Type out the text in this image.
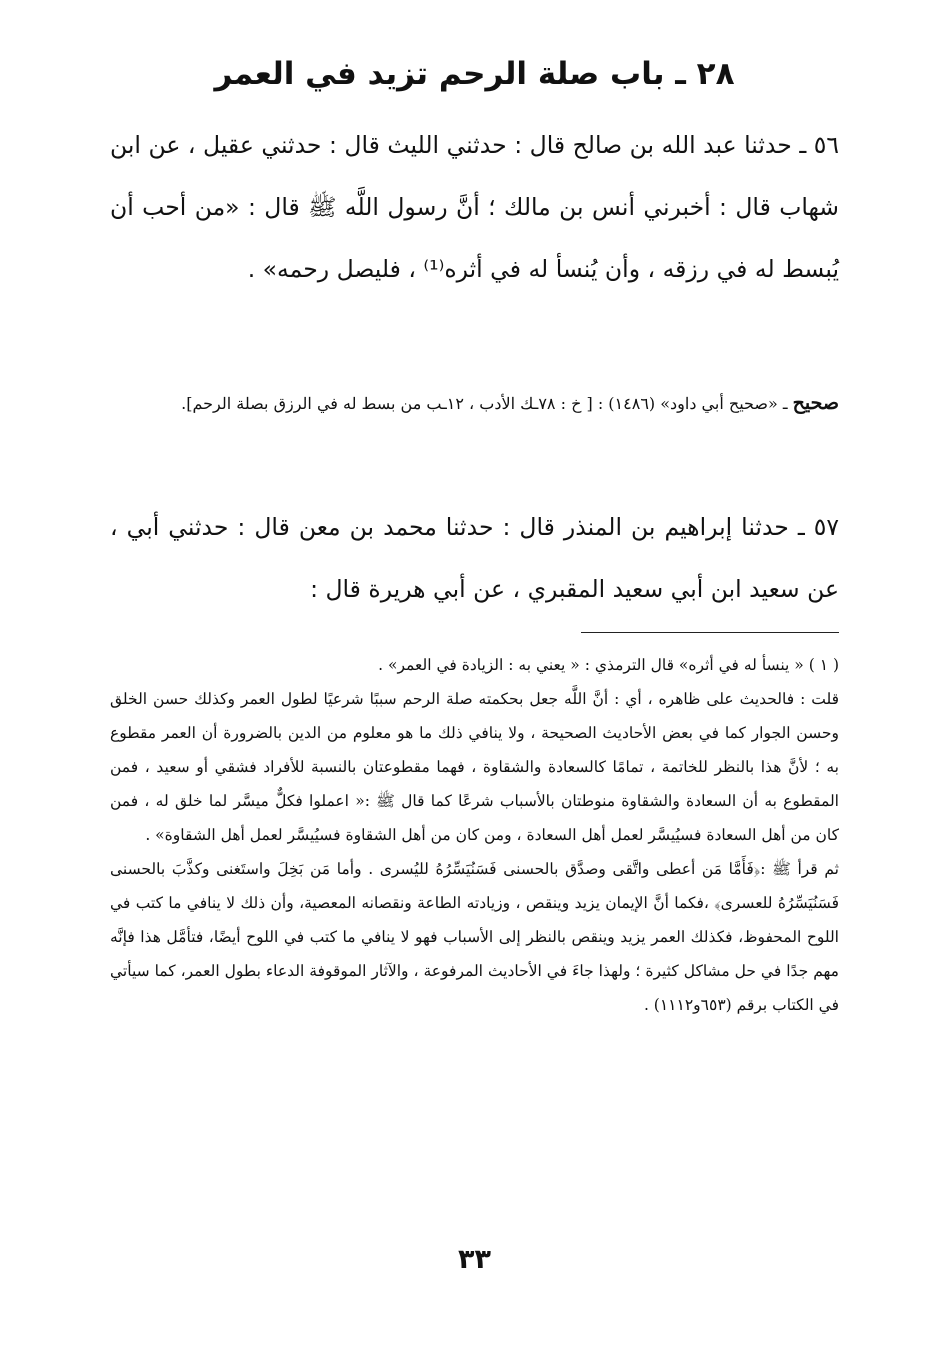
٢٨ ـ باب صلة الرحم تزيد في العمر

٥٦ ـ حدثنا عبد الله بن صالح قال : حدثني الليث قال : حدثني عقيل ، عن ابن شهاب قال : أخبرني أنس بن مالك ؛ أنَّ رسول اللَّه ﷺ قال : «من أحب أن يُبسط له في رزقه ، وأن يُنسأ له في أثره⁽¹⁾ ، فليصل رحمه» .

صحيح ـ «صحيح أبي داود» (١٤٨٦) : [ خ : ٧٨ـك الأدب ، ١٢ـب من بسط له في الرزق بصلة الرحم].

٥٧ ـ حدثنا إبراهيم بن المنذر قال : حدثنا محمد بن معن قال : حدثني أبي ، عن سعيد ابن أبي سعيد المقبري ، عن أبي هريرة قال :

( ١ ) « ينسأ له في أثره» قال الترمذي : « يعني به : الزيادة في العمر» .

قلت : فالحديث على ظاهره ، أي : أنَّ اللَّه جعل بحكمته صلة الرحم سببًا شرعيًا لطول العمر وكذلك حسن الخلق وحسن الجوار كما في بعض الأحاديث الصحيحة ، ولا ينافي ذلك ما هو معلوم من الدين بالضرورة أن العمر مقطوع به ؛ لأنَّ هذا بالنظر للخاتمة ، تمامًا كالسعادة والشقاوة ، فهما مقطوعتان بالنسبة للأفراد فشقي أو سعيد ، فمن المقطوع به أن السعادة والشقاوة منوطتان بالأسباب شرعًا كما قال ﷺ :« اعملوا فكلٌّ ميسَّر لما خلق له ، فمن كان من أهل السعادة فسيُيسَّر لعمل أهل السعادة ، ومن كان من أهل الشقاوة فسيُيسَّر لعمل أهل الشقاوة» .

ثم قرأ ﷺ :﴿فَأَمَّا مَن أعطى واتَّقى وصدَّق بالحسنى فَسَنُيَسِّرُهُ لليُسرى . وأما مَن بَخِلَ واستَغنى وكذَّبَ بالحسنى فَسَنُيَسِّرُهُ للعسرى﴾ ،فكما أنَّ الإيمان يزيد وينقص ، وزيادته الطاعة ونقصانه المعصية، وأن ذلك لا ينافي ما كتب في اللوح المحفوظ، فكذلك العمر يزيد وينقص بالنظر إلى الأسباب فهو لا ينافي ما كتب في اللوح أيضًا، فتأمَّل هذا فإنَّه مهم جدًا في حل مشاكل كثيرة ؛ ولهذا جاءَ في الأحاديث المرفوعة ، والآثار الموقوفة الدعاء بطول العمر، كما سيأتي في الكتاب برقم (٦٥٣و١١١٢) .

٣٣
